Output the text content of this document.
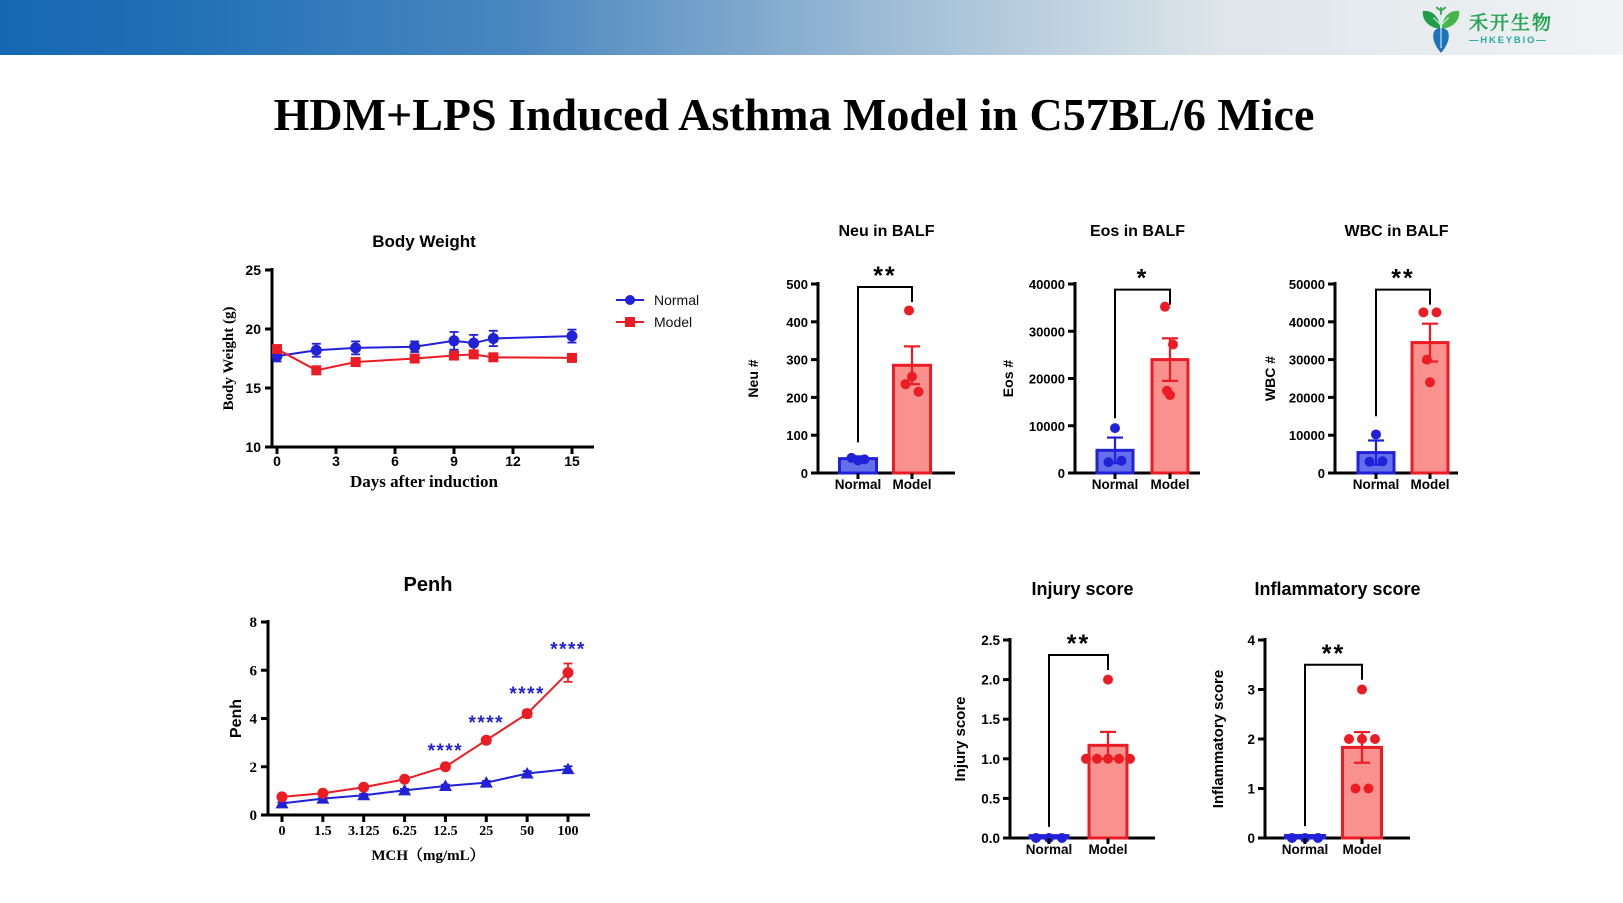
禾开生物
—HKEYBIO—
HDM+LPS Induced Asthma Model in C57BL/6 Mice
Body Weight
Body Weight (g)
Days after induction
10
15
20
25
0	3	6	9	12	15
Normal
Model
Penh
Penh
MCH（mg/mL）
0
2
4
6
8
0 1.5 3.125 6.25 12.5 25 50 100
****
****
****
****
Neu in BALF
Neu #
0
100
200
300
400
500
Normal Model
**
Eos in BALF
Eos #
0
10000
20000
30000
40000
Normal Model
*
WBC in BALF
WBC #
0
10000
20000
30000
40000
50000
Normal Model
**
Injury score
Injury score
0.0
0.5
1.0
1.5
2.0
2.5
Normal Model
**
Inflammatory score
Inflammatory score
0
1
2
3
4
Normal Model
**
